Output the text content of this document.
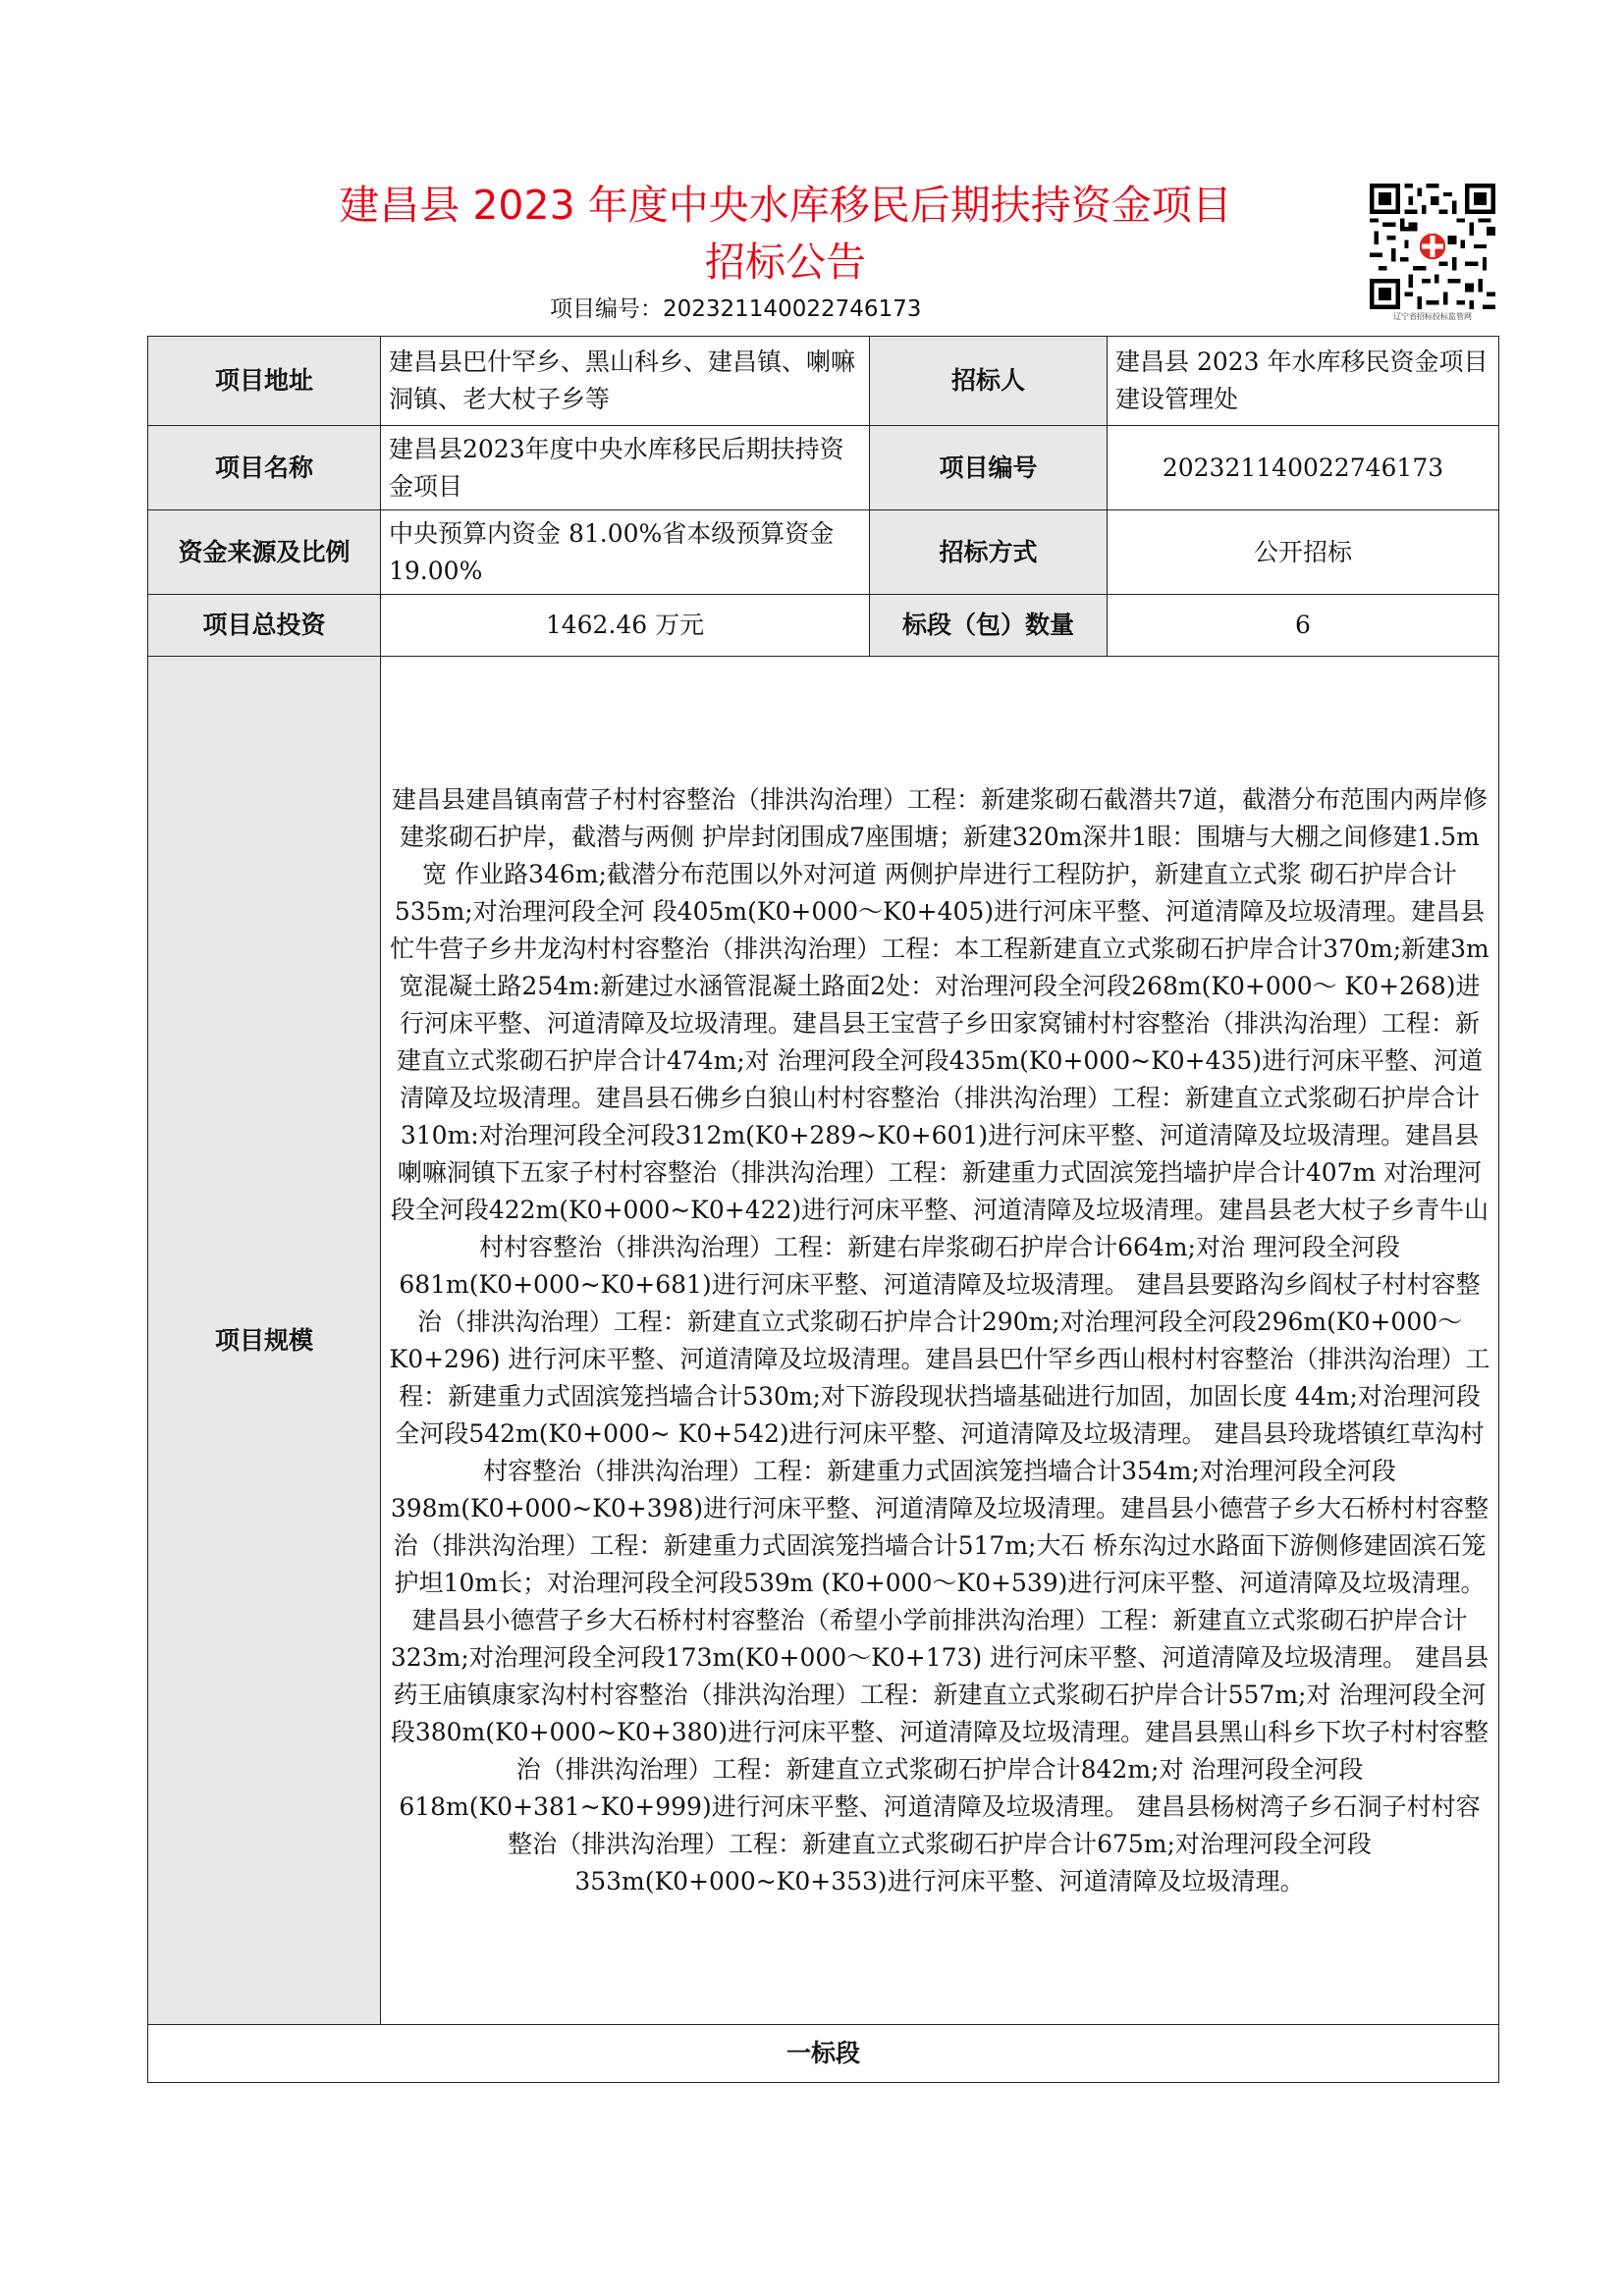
建昌县 2023 年度中央水库移民后期扶持资金项目
招标公告
项目编号：202321140022746173	辽宁省招标投标监管网
项目地址	建昌县巴什罕乡、黑山科乡、建昌镇、喇嘛洞镇、老大杖子乡等	招标人	建昌县 2023 年水库移民资金项目建设管理处
项目名称	建昌县2023年度中央水库移民后期扶持资金项目	项目编号	202321140022746173
资金来源及比例	中央预算内资金 81.00%省本级预算资金 19.00%	招标方式	公开招标
项目总投资	1462.46 万元	标段（包）数量	6
项目规模	建昌县建昌镇南营子村村容整治（排洪沟治理）工程：新建浆砌石截潜共7道，截潜分布范围内两岸修建浆砌石护岸，截潜与两侧 护岸封闭围成7座围塘；新建320m深井1眼：围塘与大棚之间修建1.5m宽 作业路346m;截潜分布范围以外对河道 两侧护岸进行工程防护，新建直立式浆 砌石护岸合计535m;对治理河段全河 段405m(K0+000～K0+405)进行河床平整、河道清障及垃圾清理。建昌县忙牛营子乡井龙沟村村容整治（排洪沟治理）工程：本工程新建直立式浆砌石护岸合计370m;新建3m宽混凝土路254m:新建过水涵管混凝土路面2处：对治理河段全河段268m(K0+000～ K0+268)进行河床平整、河道清障及垃圾清理。建昌县王宝营子乡田家窝铺村村容整治（排洪沟治理）工程：新建直立式浆砌石护岸合计474m;对 治理河段全河段435m(K0+000~K0+435)进行河床平整、河道清障及垃圾清理。建昌县石佛乡白狼山村村容整治（排洪沟治理）工程：新建直立式浆砌石护岸合计310m:对治理河段全河段312m(K0+289~K0+601)进行河床平整、河道清障及垃圾清理。建昌县喇嘛洞镇下五家子村村容整治（排洪沟治理）工程：新建重力式固滨笼挡墙护岸合计407m 对治理河段全河段422m(K0+000~K0+422)进行河床平整、河道清障及垃圾清理。建昌县老大杖子乡青牛山村村容整治（排洪沟治理）工程：新建右岸浆砌石护岸合计664m;对治 理河段全河段681m(K0+000~K0+681)进行河床平整、河道清障及垃圾清理。 建昌县要路沟乡阎杖子村村容整治（排洪沟治理）工程：新建直立式浆砌石护岸合计290m;对治理河段全河段296m(K0+000～K0+296) 进行河床平整、河道清障及垃圾清理。建昌县巴什罕乡西山根村村容整治（排洪沟治理）工程：新建重力式固滨笼挡墙合计530m;对下游段现状挡墙基础进行加固，加固长度 44m;对治理河段全河段542m(K0+000~ K0+542)进行河床平整、河道清障及垃圾清理。 建昌县玲珑塔镇红草沟村村容整治（排洪沟治理）工程：新建重力式固滨笼挡墙合计354m;对治理河段全河段398m(K0+000~K0+398)进行河床平整、河道清障及垃圾清理。建昌县小德营子乡大石桥村村容整治（排洪沟治理）工程：新建重力式固滨笼挡墙合计517m;大石 桥东沟过水路面下游侧修建固滨石笼护坦10m长；对治理河段全河段539m (K0+000～K0+539)进行河床平整、河道清障及垃圾清理。建昌县小德营子乡大石桥村村容整治（希望小学前排洪沟治理）工程：新建直立式浆砌石护岸合计323m;对治理河段全河段173m(K0+000～K0+173) 进行河床平整、河道清障及垃圾清理。 建昌县药王庙镇康家沟村村容整治（排洪沟治理）工程：新建直立式浆砌石护岸合计557m;对 治理河段全河段380m(K0+000~K0+380)进行河床平整、河道清障及垃圾清理。建昌县黑山科乡下坎子村村容整治（排洪沟治理）工程：新建直立式浆砌石护岸合计842m;对 治理河段全河段618m(K0+381~K0+999)进行河床平整、河道清障及垃圾清理。 建昌县杨树湾子乡石洞子村村容整治（排洪沟治理）工程：新建直立式浆砌石护岸合计675m;对治理河段全河段353m(K0+000~K0+353)进行河床平整、河道清障及垃圾清理。		
一标段			
